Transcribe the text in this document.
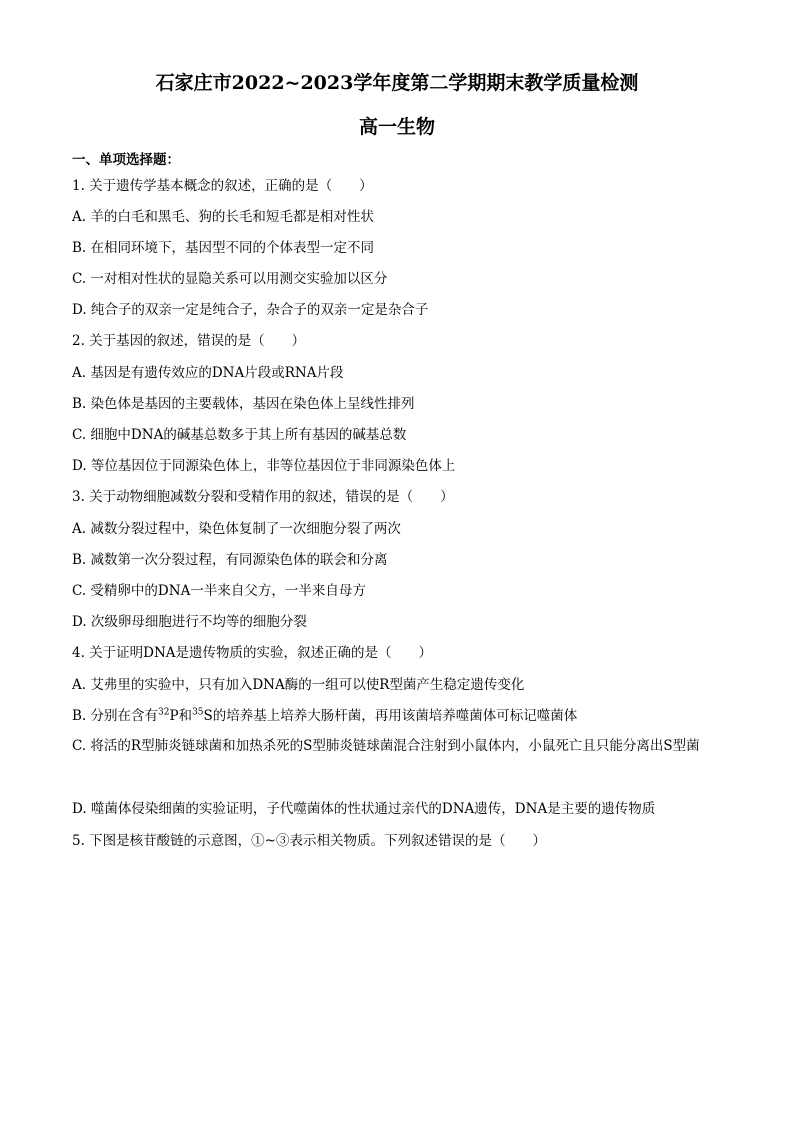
石家庄市2022~2023学年度第二学期期末教学质量检测
高一生物
一、单项选择题：
1. 关于遗传学基本概念的叙述，正确的是（　　）
A. 羊的白毛和黑毛、狗的长毛和短毛都是相对性状
B. 在相同环境下，基因型不同的个体表型一定不同
C. 一对相对性状的显隐关系可以用测交实验加以区分
D. 纯合子的双亲一定是纯合子，杂合子的双亲一定是杂合子
2. 关于基因的叙述，错误的是（　　）
A. 基因是有遗传效应的DNA片段或RNA片段
B. 染色体是基因的主要载体，基因在染色体上呈线性排列
C. 细胞中DNA的碱基总数多于其上所有基因的碱基总数
D. 等位基因位于同源染色体上，非等位基因位于非同源染色体上
3. 关于动物细胞减数分裂和受精作用的叙述，错误的是（　　）
A. 减数分裂过程中，染色体复制了一次细胞分裂了两次
B. 减数第一次分裂过程，有同源染色体的联会和分离
C. 受精卵中的DNA一半来自父方，一半来自母方
D. 次级卵母细胞进行不均等的细胞分裂
4. 关于证明DNA是遗传物质的实验，叙述正确的是（　　）
A. 艾弗里的实验中，只有加入DNA酶的一组可以使R型菌产生稳定遗传变化
B. 分别在含有$^{32}$P和$^{35}$S的培养基上培养大肠杆菌，再用该菌培养噬菌体可标记噬菌体
C. 将活的R型肺炎链球菌和加热杀死的S型肺炎链球菌混合注射到小鼠体内，小鼠死亡且只能分离出S型菌
D. 噬菌体侵染细菌的实验证明，子代噬菌体的性状通过亲代的DNA遗传，DNA是主要的遗传物质
5. 下图是核苷酸链的示意图，①~③表示相关物质。下列叙述错误的是（　　）
